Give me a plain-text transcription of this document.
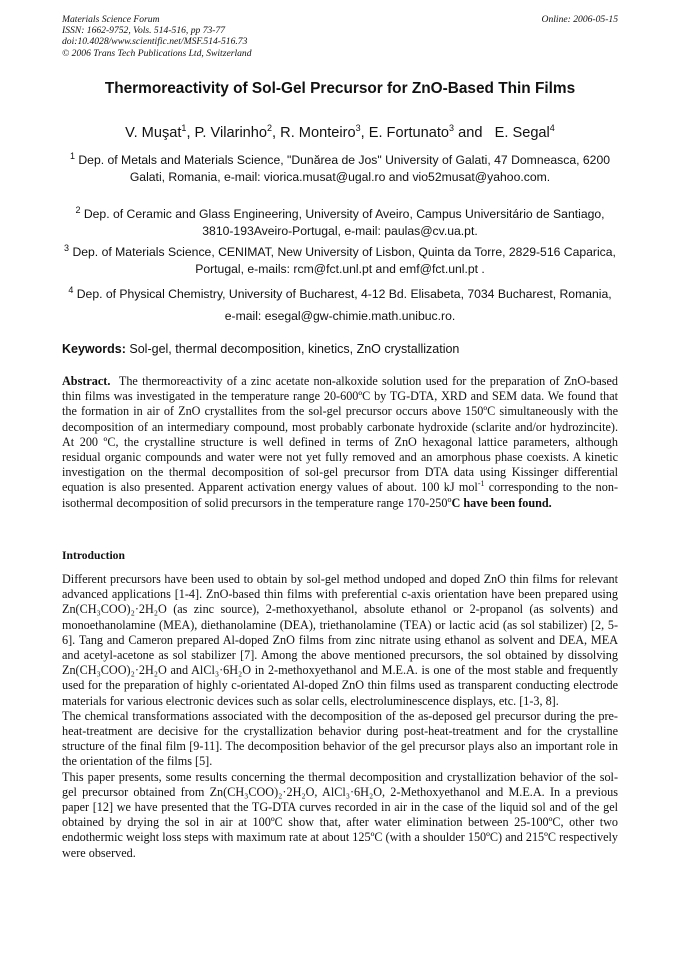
Materials Science Forum
ISSN: 1662-9752, Vols. 514-516, pp 73-77
doi:10.4028/www.scientific.net/MSF.514-516.73
© 2006 Trans Tech Publications Ltd, Switzerland
Online: 2006-05-15
Thermoreactivity of Sol-Gel Precursor for ZnO-Based Thin Films
V. Muşat$^1$, P. Vilarinho$^2$, R. Monteiro$^3$, E. Fortunato$^3$ and   E. Segal$^4$
$^1$ Dep. of Metals and Materials Science, "Dunărea de Jos" University of Galati, 47 Domneasca, 6200 Galati, Romania, e-mail: viorica.musat@ugal.ro and vio52musat@yahoo.com.
$^2$ Dep. of Ceramic and Glass Engineering, University of Aveiro, Campus Universitário de Santiago, 3810-193Aveiro-Portugal, e-mail: paulas@cv.ua.pt.
$^3$ Dep. of Materials Science, CENIMAT, New University of Lisbon, Quinta da Torre, 2829-516 Caparica, Portugal, e-mails: rcm@fct.unl.pt and emf@fct.unl.pt .
$^4$ Dep. of Physical Chemistry, University of Bucharest, 4-12 Bd. Elisabeta, 7034 Bucharest, Romania, e-mail: esegal@gw-chimie.math.unibuc.ro.
Keywords: Sol-gel, thermal decomposition, kinetics, ZnO crystallization
Abstract. The thermoreactivity of a zinc acetate non-alkoxide solution used for the preparation of ZnO-based thin films was investigated in the temperature range 20-600ºC by TG-DTA, XRD and SEM data. We found that the formation in air of ZnO crystallites from the sol-gel precursor occurs above 150ºC simultaneously with the decomposition of an intermediary compound, most probably carbonate hydroxide (sclarite and/or hydrozincite). At 200 ºC, the crystalline structure is well defined in terms of ZnO hexagonal lattice parameters, although residual organic compounds and water were not yet fully removed and an amorphous phase coexists. A kinetic investigation on the thermal decomposition of sol-gel precursor from DTA data using Kissinger differential equation is also presented. Apparent activation energy values of about. 100 kJ mol$^{-1}$ corresponding to the non-isothermal decomposition of solid precursors in the temperature range 170-250$^o$C have been found.
Introduction

Different precursors have been used to obtain by sol-gel method undoped and doped ZnO thin films for relevant advanced applications [1-4]. ZnO-based thin films with preferential c-axis orientation have been prepared using Zn(CH₃COO)₂·2H₂O (as zinc source), 2-methoxyethanol, absolute ethanol or 2-propanol (as solvents) and monoethanolamine (MEA), diethanolamine (DEA), triethanolamine (TEA) or lactic acid (as sol stabilizer) [2, 5-6]. Tang and Cameron prepared Al-doped ZnO films from zinc nitrate using ethanol as solvent and DEA, MEA and acetyl-acetone as sol stabilizer [7]. Among the above mentioned precursors, the sol obtained by dissolving Zn(CH₃COO)₂·2H₂O and AlCl₃·6H₂O in 2-methoxyethanol and M.E.A. is one of the most stable and frequently used for the preparation of highly c-orientated Al-doped ZnO thin films used as transparent conducting electrode materials for various electronic devices such as solar cells, electroluminescence displays, etc. [1-3, 8].

The chemical transformations associated with the decomposition of the as-deposed gel precursor during the pre-heat-treatment are decisive for the crystallization behavior during post-heat-treatment and for the crystalline structure of the final film [9-11]. The decomposition behavior of the gel precursor plays also an important role in the orientation of the films [5].

This paper presents, some results concerning the thermal decomposition and crystallization behavior of the sol-gel precursor obtained from Zn(CH₃COO)₂·2H₂O, AlCl₃·6H₂O, 2-Methoxyethanol and M.E.A. In a previous paper [12] we have presented that the TG-DTA curves recorded in air in the case of the liquid sol and of the gel obtained by drying the sol in air at 100ºC show that, after water elimination between 25-100ºC, other two endothermic weight loss steps with maximum rate at about 125ºC (with a shoulder 150ºC) and 215ºC respectively were observed.
